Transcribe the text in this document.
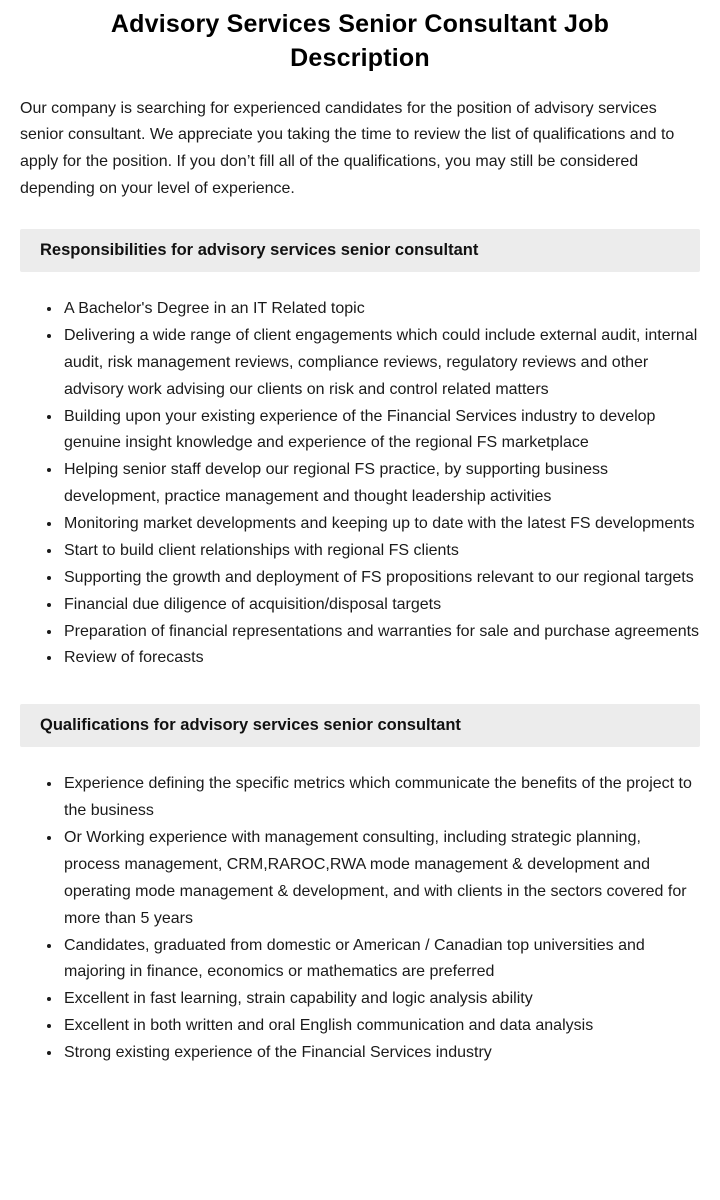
Advisory Services Senior Consultant Job Description

Our company is searching for experienced candidates for the position of advisory services senior consultant. We appreciate you taking the time to review the list of qualifications and to apply for the position. If you don’t fill all of the qualifications, you may still be considered depending on your level of experience.

Responsibilities for advisory services senior consultant
• A Bachelor's Degree in an IT Related topic
• Delivering a wide range of client engagements which could include external audit, internal audit, risk management reviews, compliance reviews, regulatory reviews and other advisory work advising our clients on risk and control related matters
• Building upon your existing experience of the Financial Services industry to develop genuine insight knowledge and experience of the regional FS marketplace
• Helping senior staff develop our regional FS practice, by supporting business development, practice management and thought leadership activities
• Monitoring market developments and keeping up to date with the latest FS developments
• Start to build client relationships with regional FS clients
• Supporting the growth and deployment of FS propositions relevant to our regional targets
• Financial due diligence of acquisition/disposal targets
• Preparation of financial representations and warranties for sale and purchase agreements
• Review of forecasts
Qualifications for advisory services senior consultant
• Experience defining the specific metrics which communicate the benefits of the project to the business
• Or Working experience with management consulting, including strategic planning, process management, CRM,RAROC,RWA mode management & development and operating mode management & development, and with clients in the sectors covered for more than 5 years
• Candidates, graduated from domestic or American / Canadian top universities and majoring in finance, economics or mathematics are preferred
• Excellent in fast learning, strain capability and logic analysis ability
• Excellent in both written and oral English communication and data analysis
• Strong existing experience of the Financial Services industry
